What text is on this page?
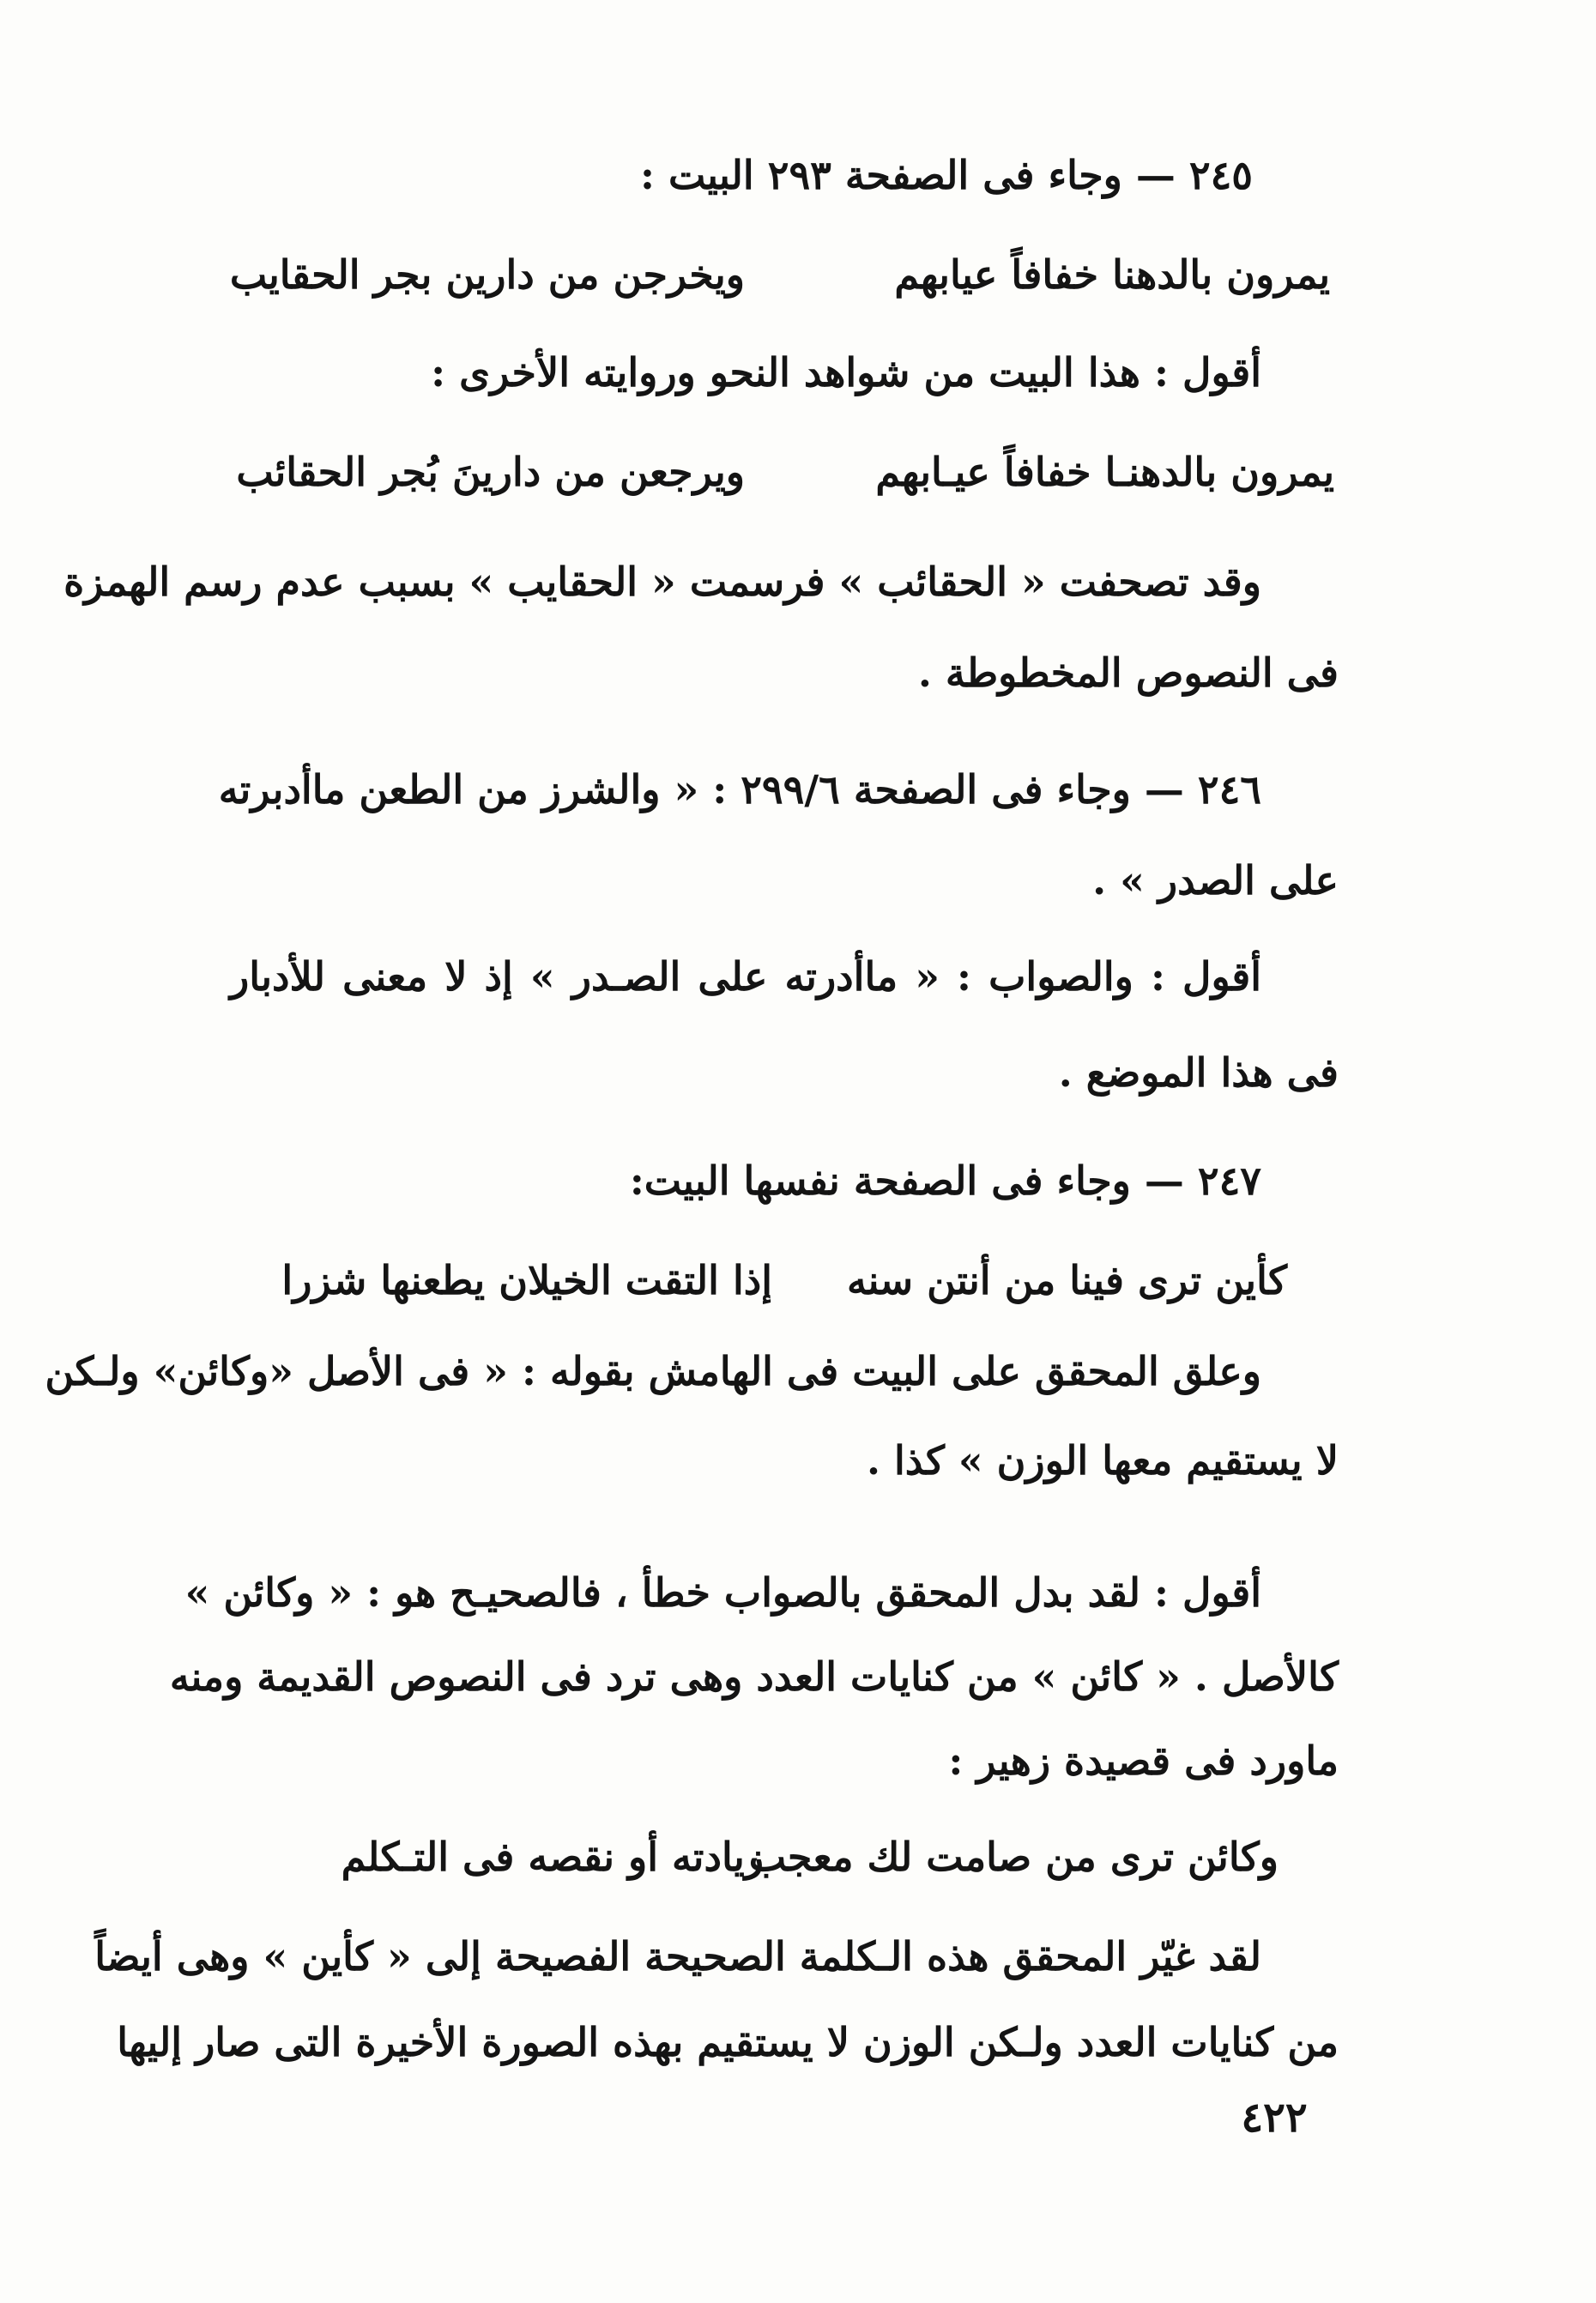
٢٤٥ — وجاء فى الصفحة ٢٩٣ البيت :
يمرون بالدهنا خفافاً عيابهم
ويخرجن من دارين بجر الحقايب
أقول : هذا البيت من شواهد النحو وروايته الأخرى :
يمرون بالدهنـا خفافاً عيـابهم
ويرجعن من دارينَ بُجر الحقائب
وقد تصحفت « الحقائب » فرسمت « الحقايب » بسبب عدم رسم الهمزة
فى النصوص المخطوطة .
٢٤٦ — وجاء فى الصفحة ٢٩٩/٦ : « والشرز من الطعن ماأدبرته
على الصدر » .
أقول : والصواب : « ماأدرته على الصـدر » إذ لا معنى للأدبار
فى هذا الموضع .
٢٤٧ — وجاء فى الصفحة نفسها البيت:
كأين ترى فينا من أنتن سنه
إذا التقت الخيلان يطعنها شزرا
وعلق المحقق على البيت فى الهامش بقوله : « فى الأصل «وكائن» ولـكن
لا يستقيم معها الوزن » كذا .
أقول : لقد بدل المحقق بالصواب خطأ ، فالصحيـح هو : « وكائن »
كالأصل . « كائن » من كنايات العدد وهى ترد فى النصوص القديمة ومنه
ماورد فى قصيدة زهير :
وكائن ترى من صامت لك معجب
زيادته أو نقصه فى التـكلم
لقد غيّر المحقق هذه الـكلمة الصحيحة الفصيحة إلى « كأين » وهى أيضاً
من كنايات العدد ولـكن الوزن لا يستقيم بهذه الصورة الأخيرة التى صار إليها
٤٢٢
